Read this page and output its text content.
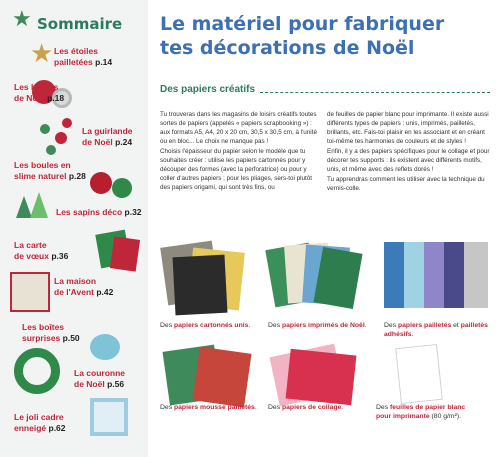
★ Sommaire
★ Les étoiles
pailletées p.14
Les boules
de Noël p.18
La guirlande
de Noël p.24
Les boules en
slime naturel p.28
Les sapins déco p.32
La carte
de vœux p.36
La maison
de l'Avent p.42
Les boîtes
surprises p.50
La couronne
de Noël p.56
Le joli cadre
enneigé p.62
Le matériel pour fabriquer
tes décorations de Noël
Des papiers créatifs

Tu trouveras dans les magasins de loisirs créatifs toutes sortes de papiers (appelés « papiers scrapbooking ») : aux formats A5, A4, 20 x 20 cm, 30,5 x 30,5 cm, à l'unité ou en bloc... Le choix ne manque pas !

Choisis l'épaisseur du papier selon le modèle que tu souhaites créer : utilise les papiers cartonnés pour y découper des formes (avec la perforatrice) ou pour y coller d'autres papiers ; pour les pliages, sers-toi plutôt des papiers origami, qui sont très fins, ou

de feuilles de papier blanc pour imprimante. Il existe aussi différents types de papiers : unis, imprimés, pailletés, brillants, etc. Fais-toi plaisir en les associant et en créant toi-même tes harmonies de couleurs et de styles !

Enfin, il y a des papiers spécifiques pour le collage et pour décorer tes supports : ils existent avec différents motifs, unis, et même avec des reflets dorés !

Tu apprendras comment les utiliser avec la technique du vernis-colle.

Des papiers cartonnés unis.	Des papiers imprimés de Noël.	Des papiers pailletés et pailletés adhésifs.
Des papiers mousse pailletés.	Des papiers de collage.	Des feuilles de papier blanc pour imprimante (80 g/m²).
